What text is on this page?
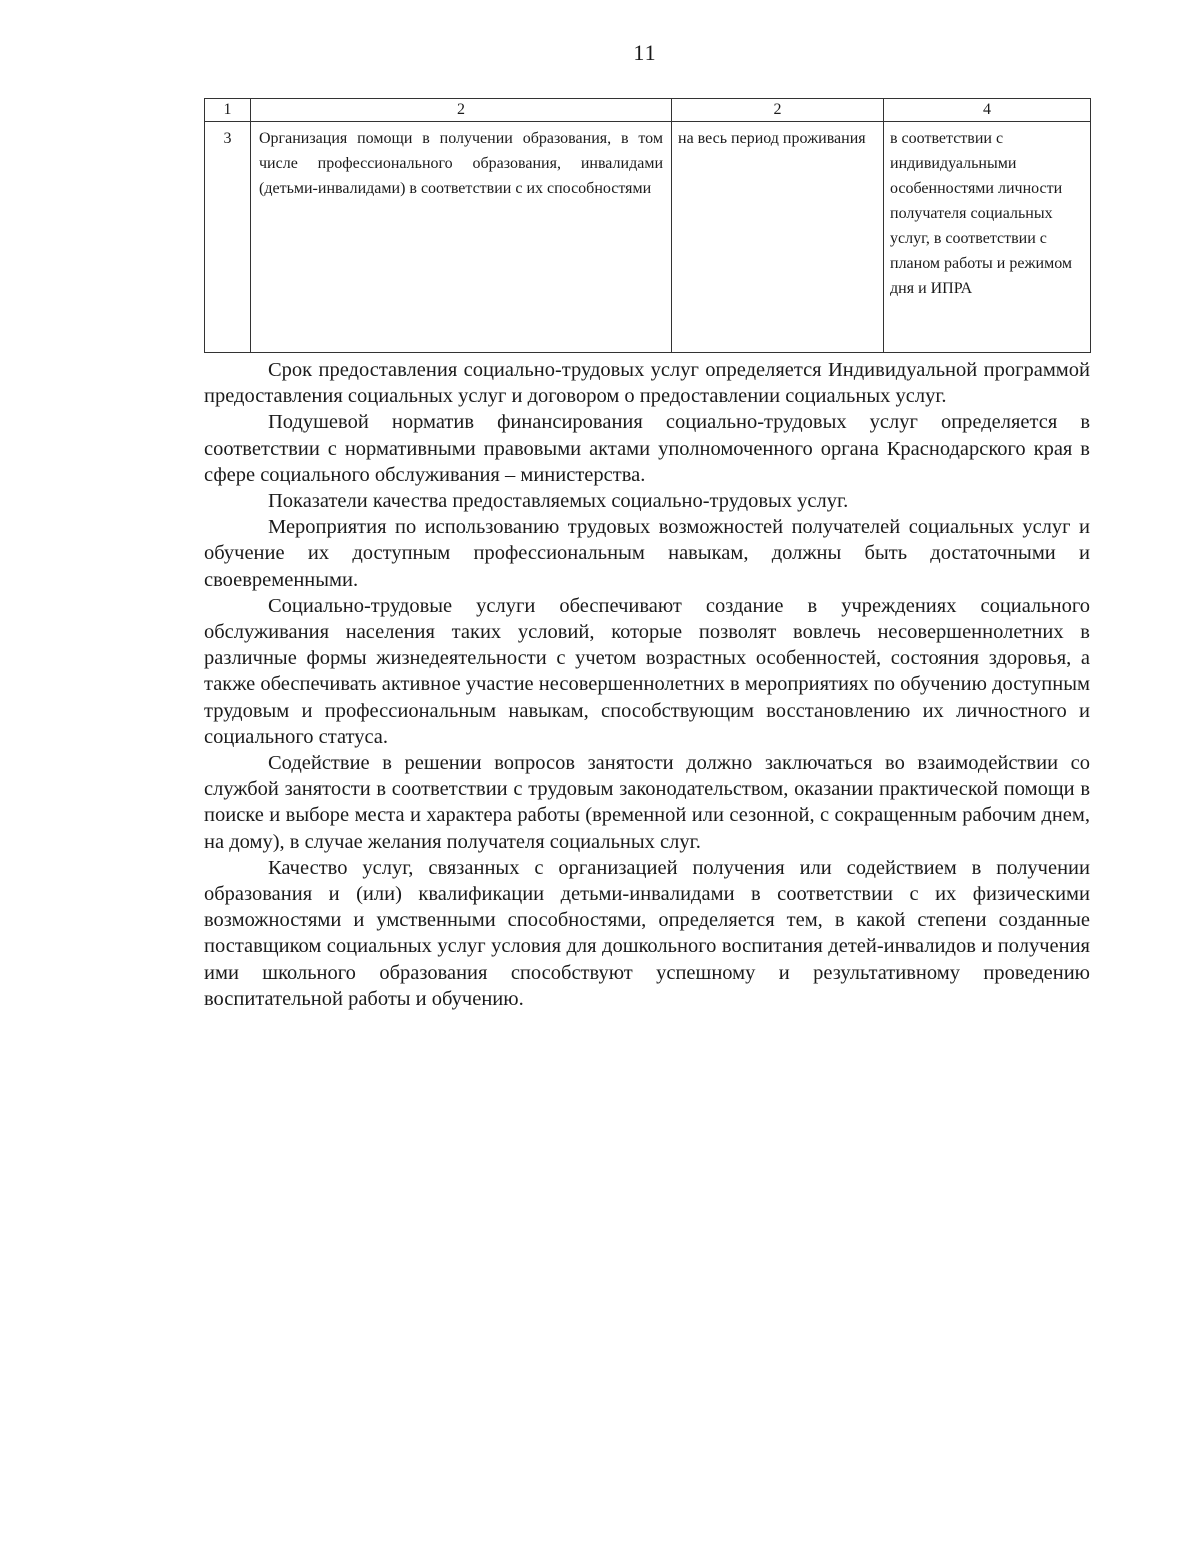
11
1	2	2	4
3	Организация помощи в получении образования, в том числе профессионального образования, инвалидами (детьми-инвалидами) в соответствии с их способностями	на весь период проживания	в соответствии с индивидуальными особенностями личности получателя социальных услуг, в соответствии с планом работы и режимом дня и ИПРА

Срок предоставления социально-трудовых услуг определяется Индивидуальной программой предоставления социальных услуг и договором о предоставлении социальных услуг.

Подушевой норматив финансирования социально-трудовых услуг определяется в соответствии с нормативными правовыми актами уполномоченного органа Краснодарского края в сфере социального обслуживания – министерства.

Показатели качества предоставляемых социально-трудовых услуг.

Мероприятия по использованию трудовых возможностей получателей социальных услуг и обучение их доступным профессиональным навыкам, должны быть достаточными и своевременными.

Социально-трудовые услуги обеспечивают создание в учреждениях социального обслуживания населения таких условий, которые позволят вовлечь несовершеннолетних в различные формы жизнедеятельности с учетом возрастных особенностей, состояния здоровья, а также обеспечивать активное участие несовершеннолетних в мероприятиях по обучению доступным трудовым и профессиональным навыкам, способствующим восстановлению их личностного и социального статуса.

Содействие в решении вопросов занятости должно заключаться во взаимодействии со службой занятости в соответствии с трудовым законодательством, оказании практической помощи в поиске и выборе места и характера работы (временной или сезонной, с сокращенным рабочим днем, на дому), в случае желания получателя социальных слуг.

Качество услуг, связанных с организацией получения или содействием в получении образования и (или) квалификации детьми-инвалидами в соответствии с их физическими возможностями и умственными способностями, определяется тем, в какой степени созданные поставщиком социальных услуг условия для дошкольного воспитания детей-инвалидов и получения ими школьного образования способствуют успешному и результативному проведению воспитательной работы и обучению.
